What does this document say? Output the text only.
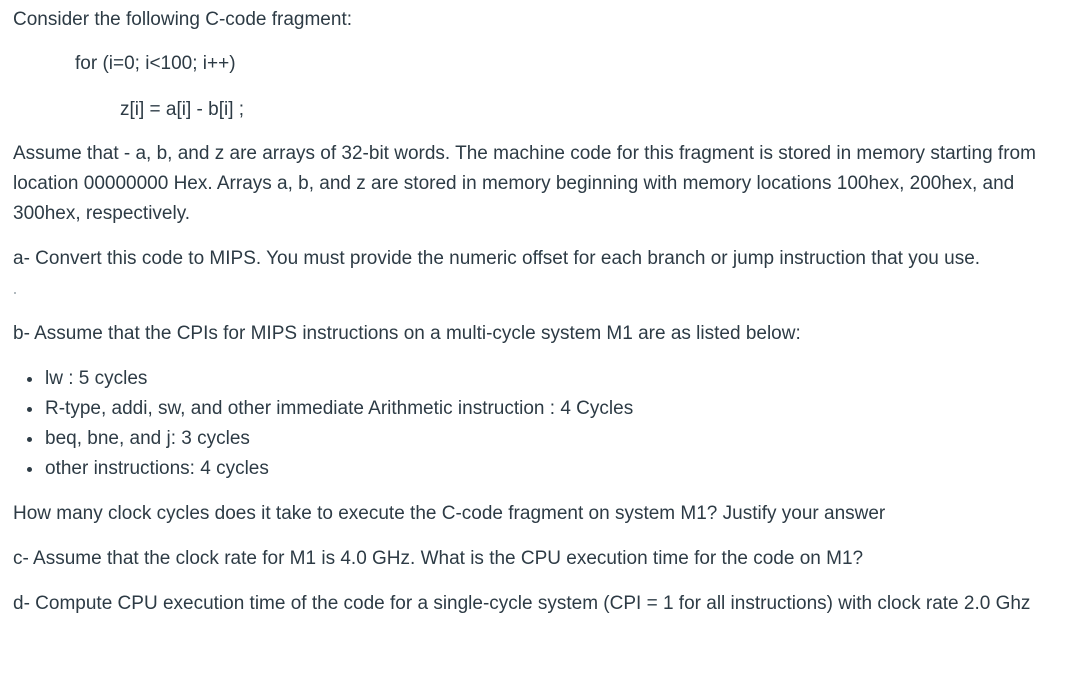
Consider the following C-code fragment:
for (i=0; i<100; i++)
z[i] = a[i] - b[i] ;
Assume that - a, b, and z are arrays of 32-bit words. The machine code for this fragment is stored in memory starting from location 00000000 Hex. Arrays a, b, and z are stored in memory beginning with memory locations 100hex, 200hex, and 300hex, respectively.
a- Convert this code to MIPS. You must provide the numeric offset for each branch or jump instruction that you use.
b- Assume that the CPIs for MIPS instructions on a multi-cycle system M1 are as listed below:
lw : 5 cycles
R-type, addi, sw, and other immediate Arithmetic instruction : 4 Cycles
beq, bne, and j: 3 cycles
other instructions: 4 cycles
How many clock cycles does it take to execute the C-code fragment on system M1? Justify your answer
c- Assume that the clock rate for M1 is 4.0 GHz. What is the CPU execution time for the code on M1?
d- Compute CPU execution time of the code for a single-cycle system (CPI = 1 for all instructions) with clock rate 2.0 Ghz
